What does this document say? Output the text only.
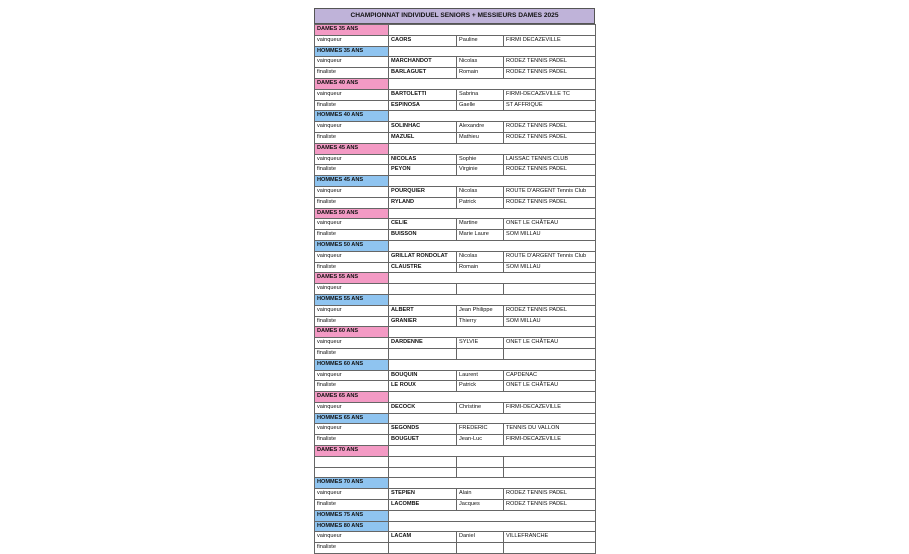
CHAMPIONNAT INDIVIDUEL SENIORS + MESSIEURS DAMES 2025
DAMES 35 ANS			
vainqueur	CAORS	Pauline	FIRMI DECAZEVILLE
HOMMES 35 ANS			
vainqueur	MARCHANDOT	Nicolas	RODEZ TENNIS PADEL
finaliste	BARLAGUET	Romain	RODEZ TENNIS PADEL
DAMES 40 ANS			
vainqueur	BARTOLETTI	Sabrina	FIRMI-DECAZEVILLE TC
finaliste	ESPINOSA	Gaelle	ST AFFRIQUE
HOMMES 40 ANS			
vainqueur	SOLINHAC	Alexandre	RODEZ TENNIS PADEL
finaliste	MAZUEL	Mathieu	RODEZ TENNIS PADEL
DAMES 45 ANS			
vainqueur	NICOLAS	Sophie	LAISSAC TENNIS CLUB
finaliste	PEYON	Virginie	RODEZ TENNIS PADEL
HOMMES 45 ANS			
vainqueur	POURQUIER	Nicolas	ROUTE D'ARGENT Tennis Club
finaliste	RYLAND	Patrick	RODEZ TENNIS PADEL
DAMES 50 ANS			
vainqueur	CELIE	Martine	ONET LE CHÂTEAU
finaliste	BUISSON	Marie Laure	SOM MILLAU
HOMMES 50 ANS			
vainqueur	GRILLAT RONDOLAT	Nicolas	ROUTE D'ARGENT Tennis Club
finaliste	CLAUSTRE	Romain	SOM MILLAU
DAMES 55 ANS			
vainqueur			
HOMMES 55 ANS			
vainqueur	ALBERT	Jean Philippe	RODEZ TENNIS PADEL
finaliste	GRANIER	Thierry	SOM MILLAU
DAMES 60 ANS			
vainqueur	DARDENNE	SYLVIE	ONET LE CHÂTEAU
finaliste			
HOMMES 60 ANS			
vainqueur	BOUQUIN	Laurent	CAPDENAC
finaliste	LE ROUX	Patrick	ONET LE CHÂTEAU
DAMES 65 ANS			
vainqueur	DECOCK	Christine	FIRMI-DECAZEVILLE
HOMMES 65 ANS			
vainqueur	SEGONDS	FREDERIC	TENNIS DU VALLON
finaliste	BOUGUET	Jean-Luc	FIRMI-DECAZEVILLE
DAMES 70 ANS			

HOMMES 70 ANS			
vainqueur	STEPIEN	Alain	RODEZ TENNIS PADEL
finaliste	LACOMBE	Jacques	RODEZ TENNIS PADEL
HOMMES 75 ANS			
HOMMES 80 ANS			
vainqueur	LACAM	Daniel	VILLEFRANCHE
finaliste			
